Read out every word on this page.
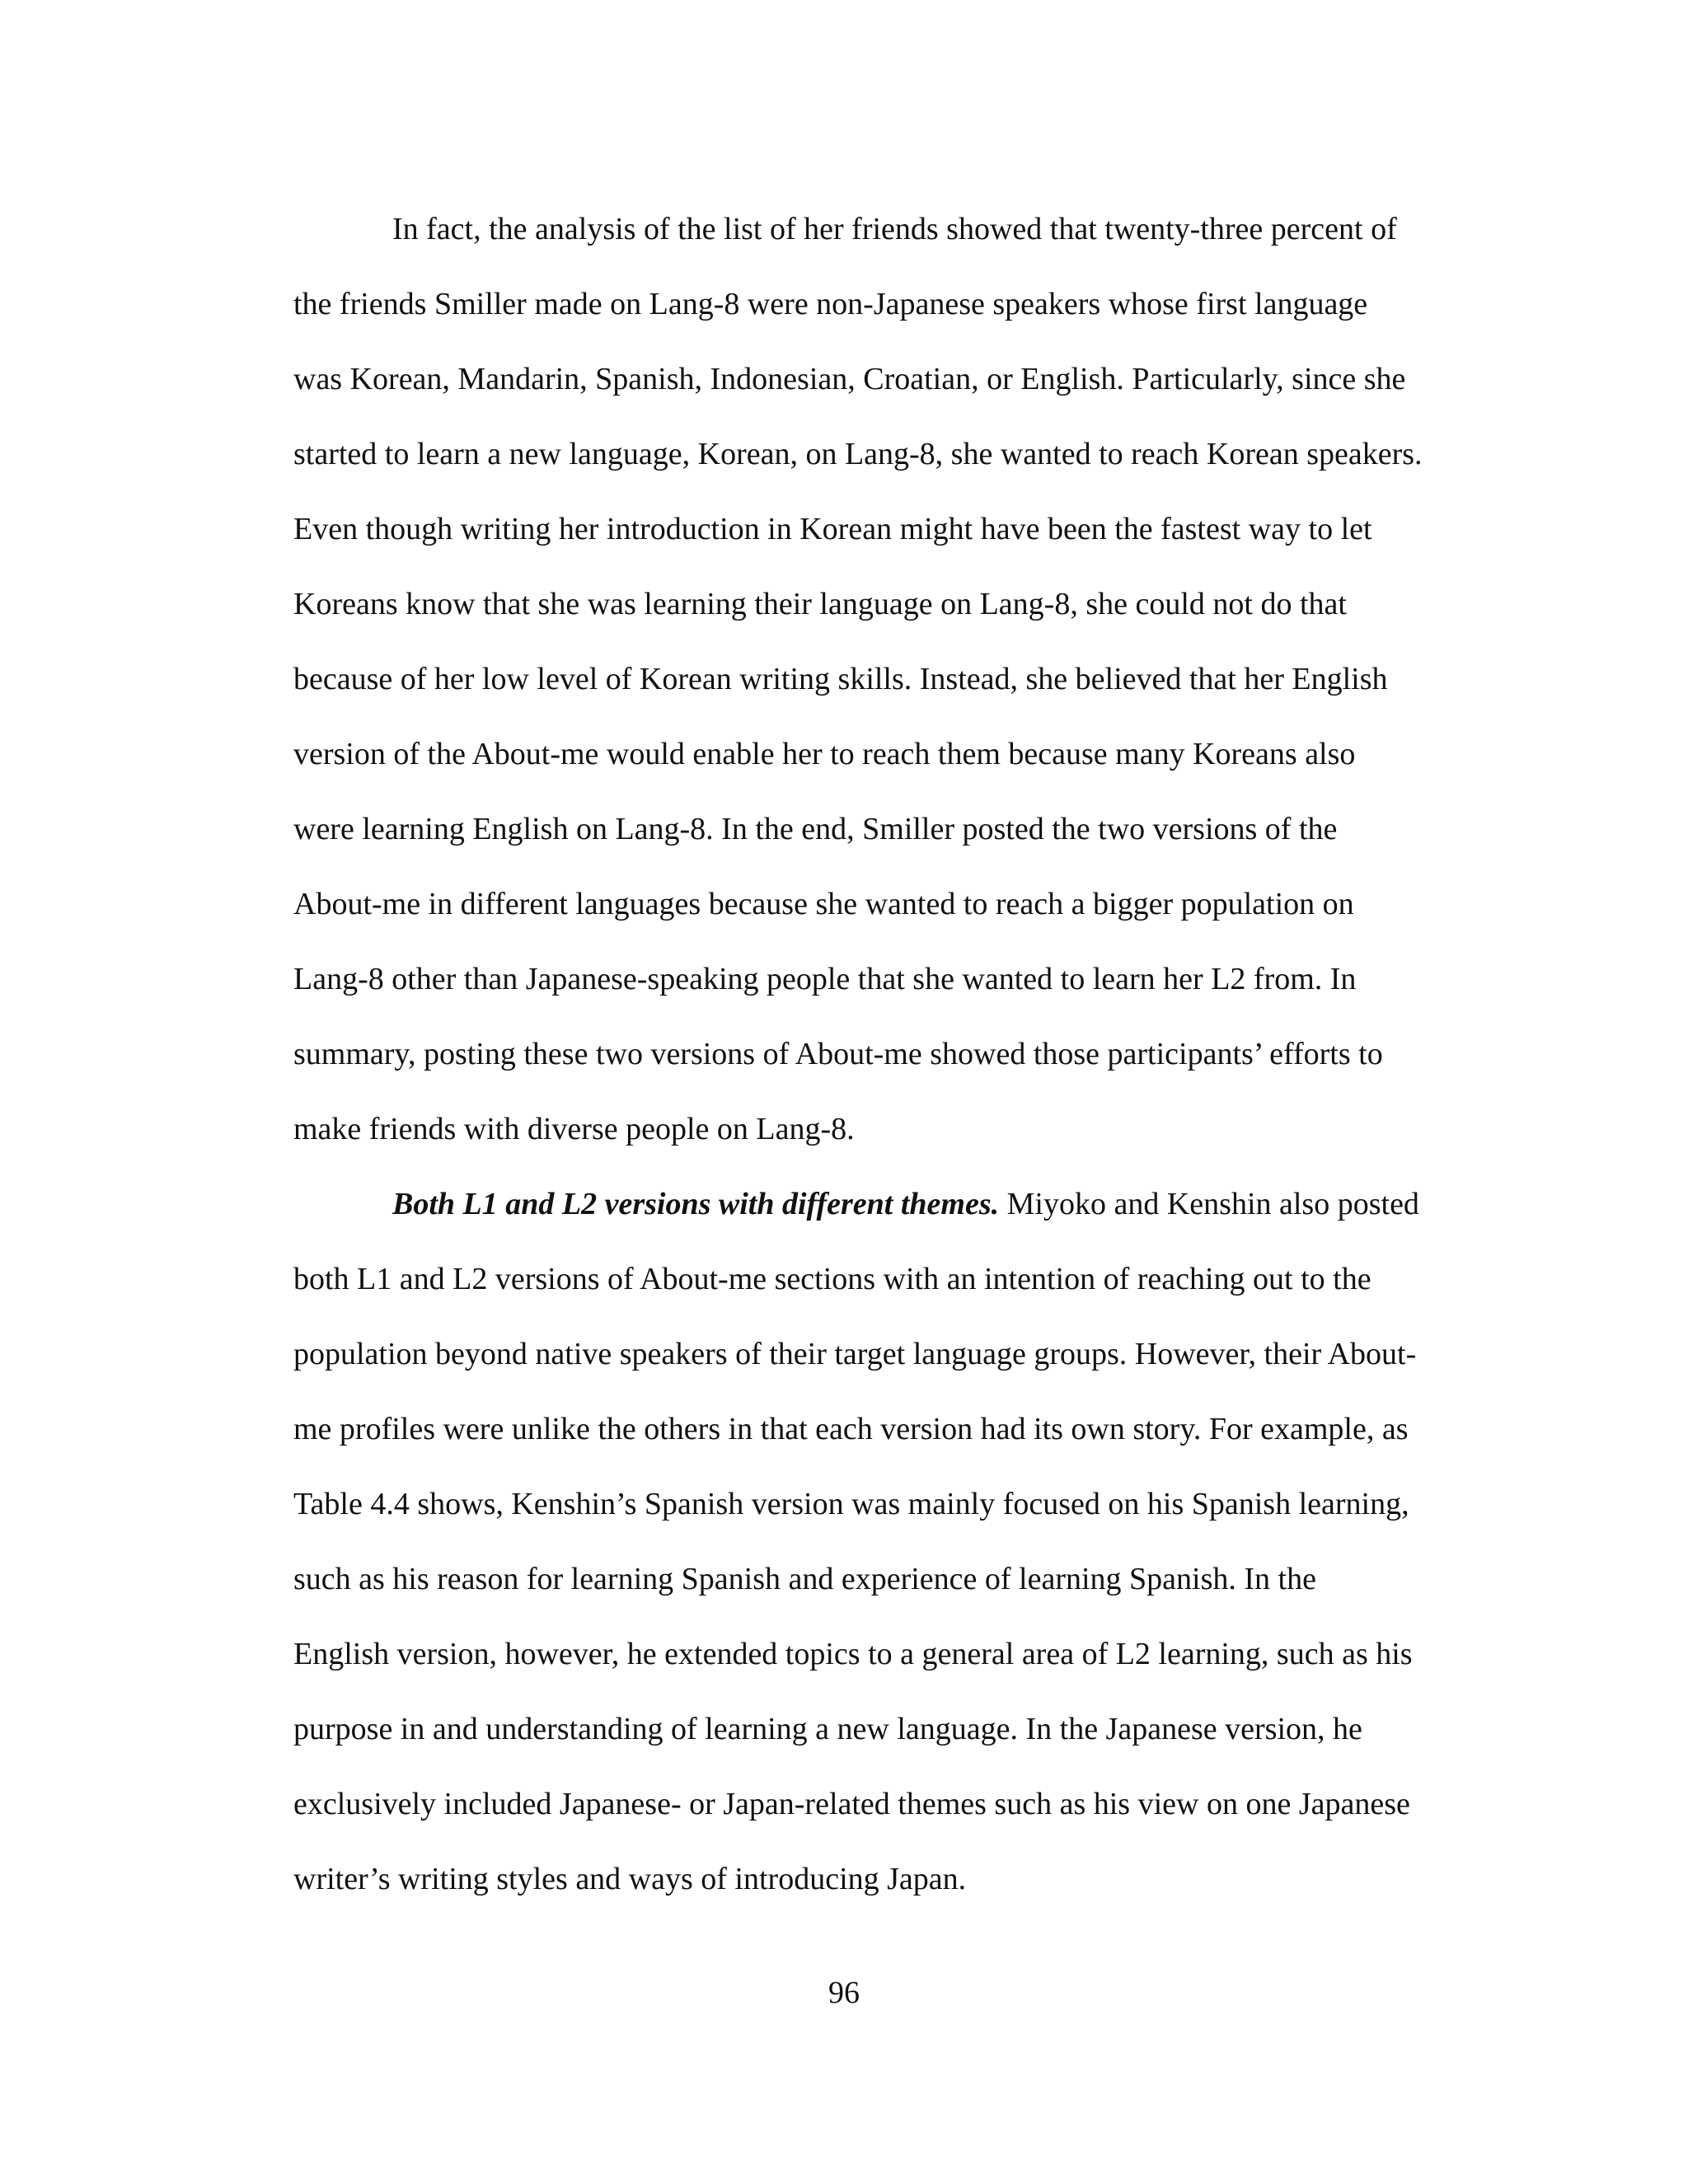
In fact, the analysis of the list of her friends showed that twenty-three percent of
the friends Smiller made on Lang-8 were non-Japanese speakers whose first language
was Korean, Mandarin, Spanish, Indonesian, Croatian, or English. Particularly, since she
started to learn a new language, Korean, on Lang-8, she wanted to reach Korean speakers.
Even though writing her introduction in Korean might have been the fastest way to let
Koreans know that she was learning their language on Lang-8, she could not do that
because of her low level of Korean writing skills. Instead, she believed that her English
version of the About-me would enable her to reach them because many Koreans also
were learning English on Lang-8. In the end, Smiller posted the two versions of the
About-me in different languages because she wanted to reach a bigger population on
Lang-8 other than Japanese-speaking people that she wanted to learn her L2 from. In
summary, posting these two versions of About-me showed those participants’ efforts to
make friends with diverse people on Lang-8.
Both L1 and L2 versions with different themes. Miyoko and Kenshin also posted
both L1 and L2 versions of About-me sections with an intention of reaching out to the
population beyond native speakers of their target language groups. However, their About-
me profiles were unlike the others in that each version had its own story. For example, as
Table 4.4 shows, Kenshin’s Spanish version was mainly focused on his Spanish learning,
such as his reason for learning Spanish and experience of learning Spanish. In the
English version, however, he extended topics to a general area of L2 learning, such as his
purpose in and understanding of learning a new language. In the Japanese version, he
exclusively included Japanese- or Japan-related themes such as his view on one Japanese
writer’s writing styles and ways of introducing Japan.
96
